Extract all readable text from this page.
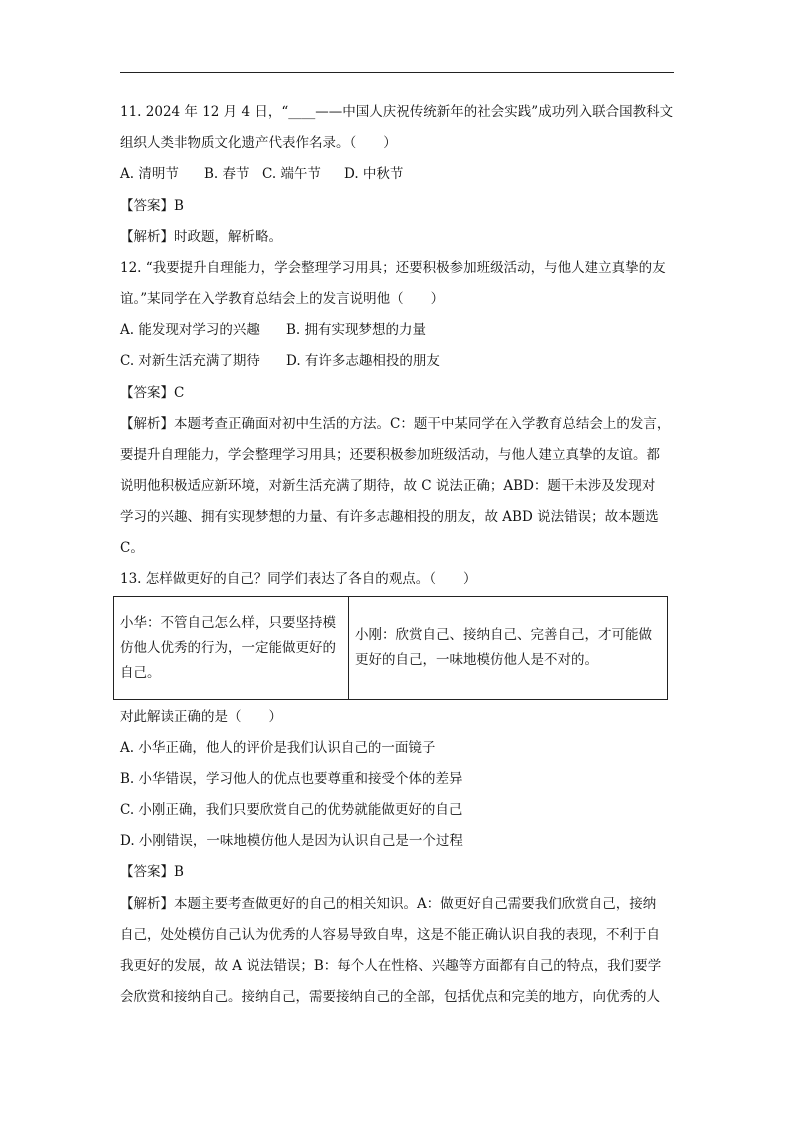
11. 2024 年 12 月 4 日，“____——中国人庆祝传统新年的社会实践”成功列入联合国教科文
组织人类非物质文化遗产代表作名录。（　　）
A. 清明节 B. 春节 C. 端午节 D. 中秋节
【答案】B
【解析】时政题，解析略。
12. “我要提升自理能力，学会整理学习用具；还要积极参加班级活动，与他人建立真挚的友
谊。”某同学在入学教育总结会上的发言说明他（　　）
A. 能发现对学习的兴趣 B. 拥有实现梦想的力量
C. 对新生活充满了期待 D. 有许多志趣相投的朋友
【答案】C
【解析】本题考查正确面对初中生活的方法。C：题干中某同学在入学教育总结会上的发言，
要提升自理能力，学会整理学习用具；还要积极参加班级活动，与他人建立真挚的友谊。都
说明他积极适应新环境，对新生活充满了期待，故 C 说法正确；ABD：题干未涉及发现对
学习的兴趣、拥有实现梦想的力量、有许多志趣相投的朋友，故 ABD 说法错误；故本题选
C。
13. 怎样做更好的自己？同学们表达了各自的观点。（　　）
小华：不管自己怎么样，只要坚持模
仿他人优秀的行为，一定能做更好的
自己。

小刚：欣赏自己、接纳自己、完善自己，才可能做
更好的自己，一味地模仿他人是不对的。
对此解读正确的是（　　）
A. 小华正确，他人的评价是我们认识自己的一面镜子
B. 小华错误，学习他人的优点也要尊重和接受个体的差异
C. 小刚正确，我们只要欣赏自己的优势就能做更好的自己
D. 小刚错误，一味地模仿他人是因为认识自己是一个过程
【答案】B
【解析】本题主要考查做更好的自己的相关知识。A：做更好自己需要我们欣赏自己，接纳
自己，处处模仿自己认为优秀的人容易导致自卑，这是不能正确认识自我的表现，不利于自
我更好的发展，故 A 说法错误；B：每个人在性格、兴趣等方面都有自己的特点，我们要学
会欣赏和接纳自己。接纳自己，需要接纳自己的全部，包括优点和完美的地方，向优秀的人
